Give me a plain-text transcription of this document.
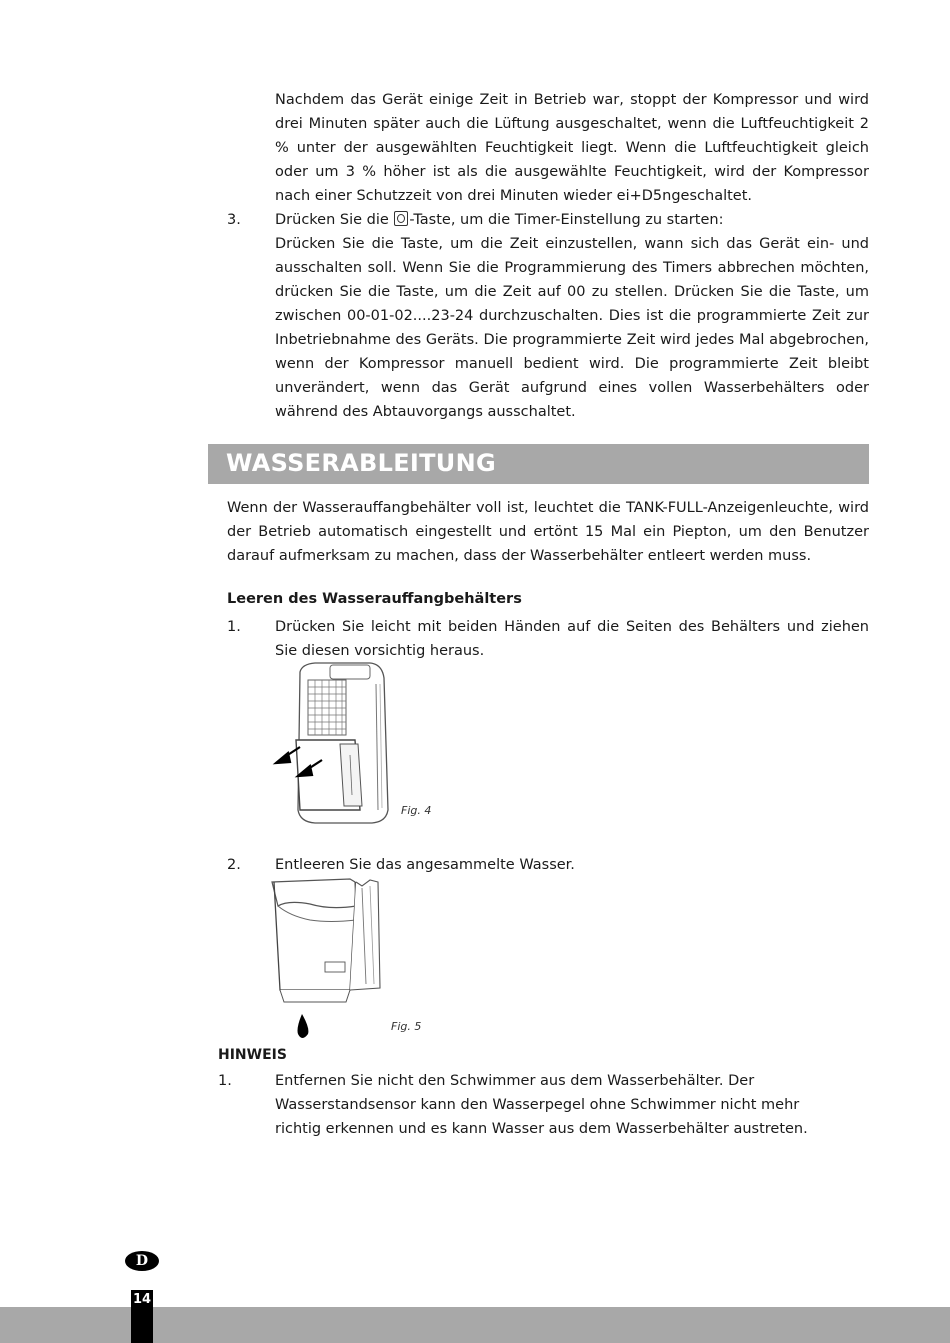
Nachdem das Gerät einige Zeit in Betrieb war, stoppt der Kompressor und wird drei Minuten später auch die Lüftung ausgeschaltet, wenn die Luftfeuchtigkeit 2 % unter der ausgewählten Feuchtigkeit liegt. Wenn die Luftfeuchtigkeit gleich oder um 3 % höher ist als die ausgewählte Feuchtigkeit, wird der Kompressor nach einer Schutzzeit von drei Minuten wieder ei+D5ngeschaltet.

3. Drücken Sie die -Taste, um die Timer-Einstellung zu starten:

Drücken Sie die Taste, um die Zeit einzustellen, wann sich das Gerät ein- und ausschalten soll. Wenn Sie die Programmierung des Timers abbrechen möchten, drücken Sie die Taste, um die Zeit auf 00 zu stellen. Drücken Sie die Taste, um zwischen 00-01-02....23-24 durchzuschalten. Dies ist die programmierte Zeit zur Inbetriebnahme des Geräts. Die programmierte Zeit wird jedes Mal abgebrochen, wenn der Kompressor manuell bedient wird. Die programmierte Zeit bleibt unverändert, wenn das Gerät aufgrund eines vollen Wasserbehälters oder während des Abtauvorgangs ausschaltet.

WASSERABLEITUNG

Wenn der Wasserauffangbehälter voll ist, leuchtet die TANK-FULL-Anzeigenleuchte, wird der Betrieb automatisch eingestellt und ertönt 15 Mal ein Piepton, um den Benutzer darauf aufmerksam zu machen, dass der Wasserbehälter entleert werden muss.

Leeren des Wasserauffangbehälters
1. Drücken Sie leicht mit beiden Händen auf die Seiten des Behälters und ziehen Sie diesen vorsichtig heraus.
Fig. 4
2. Entleeren Sie das angesammelte Wasser.
Fig. 5
HINWEIS
1.	Entfernen Sie nicht den Schwimmer aus dem Wasserbehälter. Der Wasserstandsensor kann den Wasserpegel ohne Schwimmer nicht mehr richtig erkennen und es kann Wasser aus dem Wasserbehälter austreten.
D
14
